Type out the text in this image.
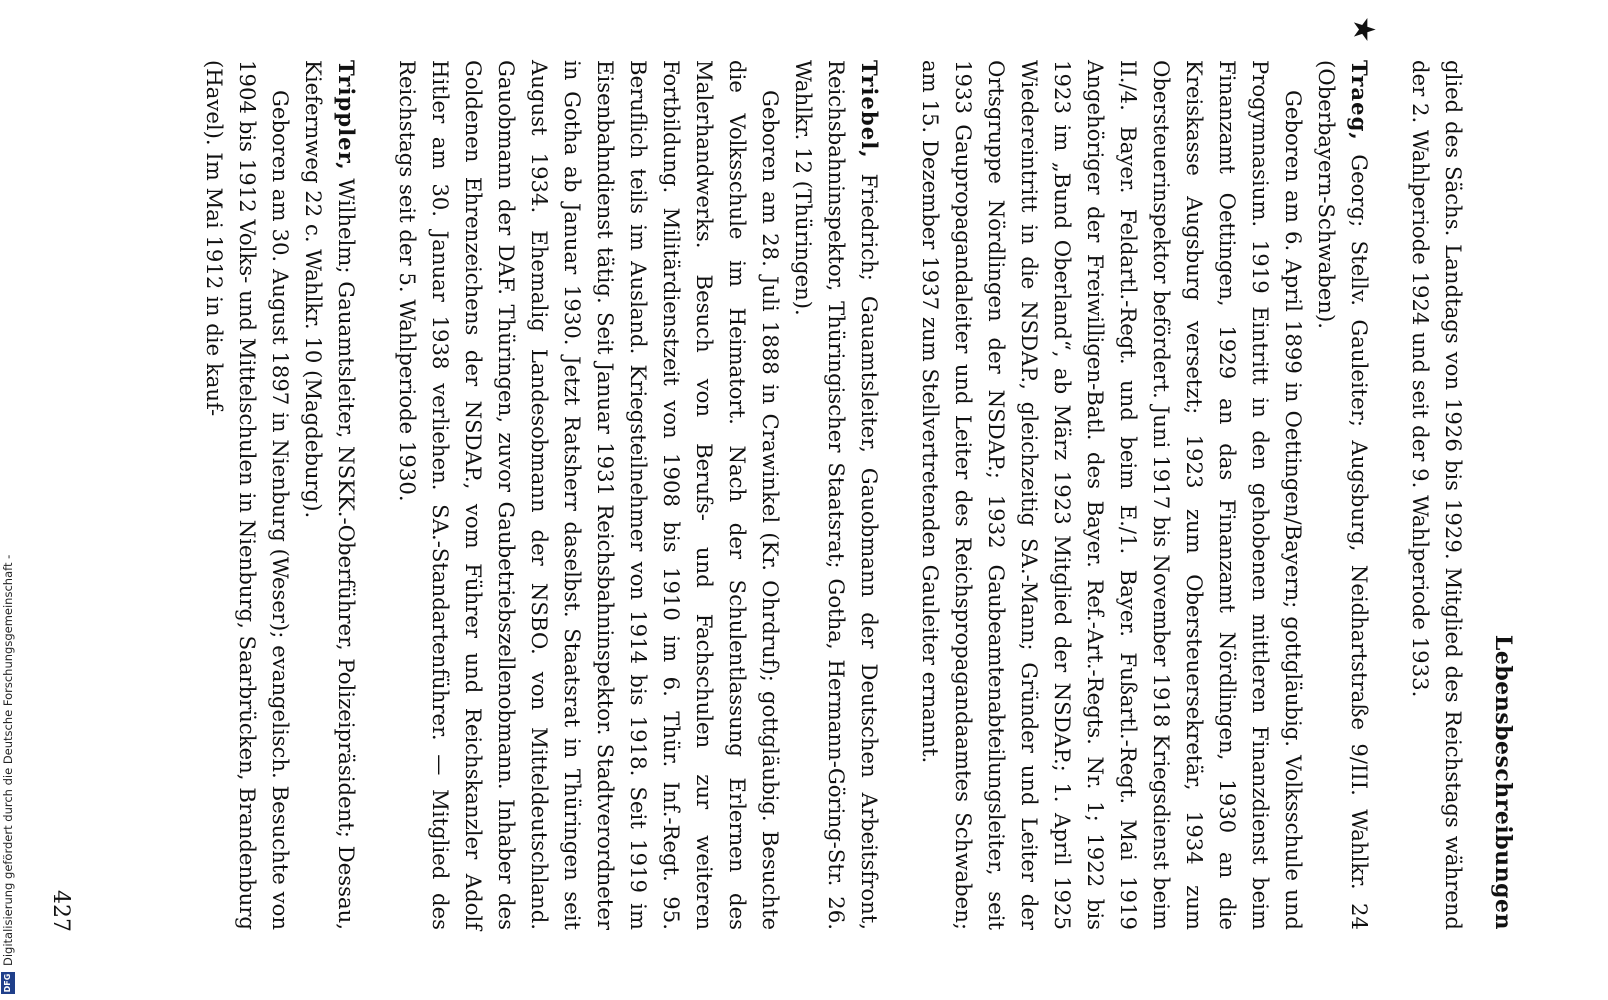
Lebensbeschreibungen

glied des Sächs. Landtags von 1926 bis 1929. Mitglied des Reichstags während der 2. Wahlperiode 1924 und seit der 9. Wahlperiode 1933.

★

Traeg, Georg; Stellv. Gauleiter; Augsburg, Neidhartstraße 9/III. Wahlkr. 24 (Oberbayern-Schwaben).

Geboren am 6. April 1899 in Oettingen/Bayern; gottgläubig. Volksschule und Progymnasium. 1919 Eintritt in den gehobenen mittleren Finanzdienst beim Finanzamt Oettingen, 1929 an das Finanzamt Nördlingen, 1930 an die Kreiskasse Augsburg versetzt; 1923 zum Obersteuersekretär, 1934 zum Obersteuerinspektor befördert. Juni 1917 bis November 1918 Kriegsdienst beim II./4. Bayer. Feldartl.-Regt. und beim E./1. Bayer. Fußartl.-Regt. Mai 1919 Angehöriger der Freiwilligen-Batl. des Bayer. Ref.-Art.-Regts. Nr. 1; 1922 bis 1923 im „Bund Oberland“, ab März 1923 Mitglied der NSDAP.; 1. April 1925 Wiedereintritt in die NSDAP., gleichzeitig SA.-Mann; Gründer und Leiter der Ortsgruppe Nördlingen der NSDAP.; 1932 Gaubeamtenabteilungsleiter, seit 1933 Gaupropagandaleiter und Leiter des Reichspropagandaamtes Schwaben; am 15. Dezember 1937 zum Stellvertretenden Gauleiter ernannt.

Triebel, Friedrich; Gauamtsleiter, Gauobmann der Deutschen Arbeitsfront, Reichsbahninspektor, Thüringischer Staatsrat; Gotha, Hermann-Göring-Str. 26. Wahlkr. 12 (Thüringen).

Geboren am 28. Juli 1888 in Crawinkel (Kr. Ohrdruf); gottgläubig. Besuchte die Volksschule im Heimatort. Nach der Schulentlassung Erlernen des Malerhandwerks. Besuch von Berufs- und Fachschulen zur weiteren Fortbildung. Militärdienstzeit von 1908 bis 1910 im 6. Thür. Inf.-Regt. 95. Beruflich teils im Ausland. Kriegsteilnehmer von 1914 bis 1918. Seit 1919 im Eisenbahndienst tätig. Seit Januar 1931 Reichsbahninspektor. Stadtverordneter in Gotha ab Januar 1930. Jetzt Ratsherr daselbst. Staatsrat in Thüringen seit August 1934. Ehemalig Landesobmann der NSBO. von Mitteldeutschland. Gauobmann der DAF. Thüringen, zuvor Gaubetriebszellenobmann. Inhaber des Goldenen Ehrenzeichens der NSDAP., vom Führer und Reichskanzler Adolf Hitler am 30. Januar 1938 verliehen. SA.-Standartenführer. — Mitglied des Reichstags seit der 5. Wahlperiode 1930.

Trippler, Wilhelm; Gauamtsleiter, NSKK.-Oberführer, Polizeipräsident; Dessau, Kiefernweg 22 c. Wahlkr. 10 (Magdeburg).

Geboren am 30. August 1897 in Nienburg (Weser); evangelisch. Besuchte von 1904 bis 1912 Volks- und Mittelschulen in Nienburg, Saarbrücken, Brandenburg (Havel). Im Mai 1912 in die kauf-

427
DFG
Digitalisierung gefördert durch die Deutsche Forschungsgemeinschaft -
